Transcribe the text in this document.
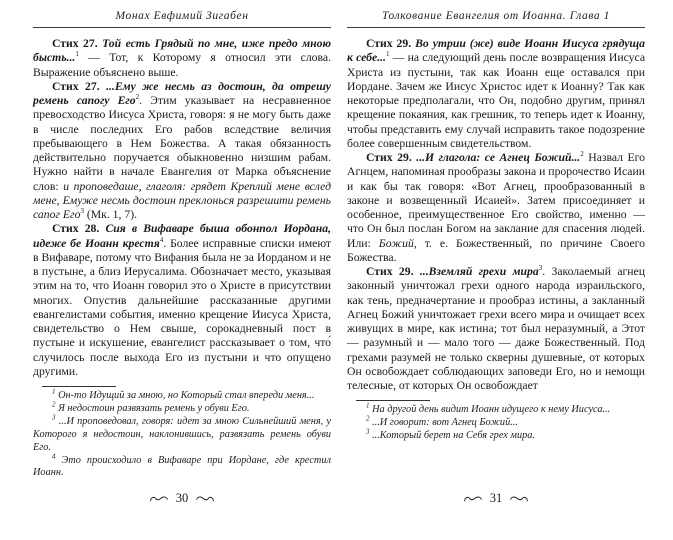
Монах Евфимий Зигабен

Стих 27. Той есть Грядый по мне, иже предо мною бысть...$^1$ — Тот, к Которому я относил эти слова. Выражение объяснено выше.

Стих 27. ...Ему же несмь аз достоин, да отрешу ремень сапогу Его$^2$. Этим указывает на несравненное превосходство Иисуса Христа, говоря: я не могу быть даже в числе последних Его рабов вследствие величия пребывающего в Нем Божества. А такая обязанность действительно поручается обыкновенно низшим рабам. Нужно найти в начале Евангелия от Марка объяснение слов: и проповедаше, глаголя: грядет Креплий мене вслед мене, Емуже несмь достоин преклонься разрешити ремень сапог Его$^3$ (Мк. 1, 7).

Стих 28. Сия в Вифаваре быша обонпол Иордана, идеже бе Иоанн крестя$^4$. Более исправные списки имеют в Вифаваре, потому что Вифания была не за Иорданом и не в пустыне, а близ Иерусалима. Обозначает место, указывая этим на то, что Иоанн говорил это о Христе в присутствии многих. Опустив дальнейшие рассказанные другими евангелистами события, именно крещение Иисуса Христа, свидетельство о Нем свыше, сорокадневный пост в пустыне и искушение, евангелист рассказывает о том, что́ случилось после выхода Его из пустыни и что опущено другими.

$^1$ Он-то Идущий за мною, но Который стал впереди меня...

$^2$ Я недостоин развязать ремень у обуви Его.

$^3$ ...И проповедовал, говоря: идет за мною Сильнейший меня, у Которого я недостоин, наклонившись, развязать ремень обуви Его.

$^4$ Это происходило в Вифаваре при Иордане, где крестил Иоанн.

30
Толкование Евангелия от Иоанна. Глава 1

Стих 29. Во утрии (же) виде Иоанн Иисуса грядуща к себе...$^1$ — на следующий день после возвращения Иисуса Христа из пустыни, так как Иоанн еще оставался при Иордане. Зачем же Иисус Христос идет к Иоанну? Так как некоторые предполагали, что Он, подобно другим, принял крещение покаяния, как грешник, то теперь идет к Иоанну, чтобы представить ему случай исправить такое подозрение более совершенным свидетельством.

Стих 29. ...И глагола: се Агнец Божий...$^2$ Назвал Его Агнцем, напоминая прообразы закона и пророчество Исаии и как бы так говоря: «Вот Агнец, прообразованный в законе и возвещенный Исаией». Затем присоединяет и особенное, преимущественное Его свойство, именно — что Он был послан Богом на заклание для спасения людей. Или: Божий, т. е. Божественный, по причине Своего Божества.

Стих 29. ...Вземляй грехи мира$^3$. Заколаемый агнец законный уничтожал грехи одного народа израильского, как тень, предначертание и прообраз истины, а закланный Агнец Божий уничтожает грехи всего мира и очищает всех живущих в мире, как истина; тот был неразумный, а Этот — разумный и — мало того — даже Божественный. Под грехами разумей не только скверны душевные, от которых Он освобождает соблюдающих заповеди Его, но и немощи телесные, от которых Он освобождает

$^1$ На другой день видит Иоанн идущего к нему Иисуса...

$^2$ ...И говорит: вот Агнец Божий...

$^3$ ...Который берет на Себя грех мира.

31
